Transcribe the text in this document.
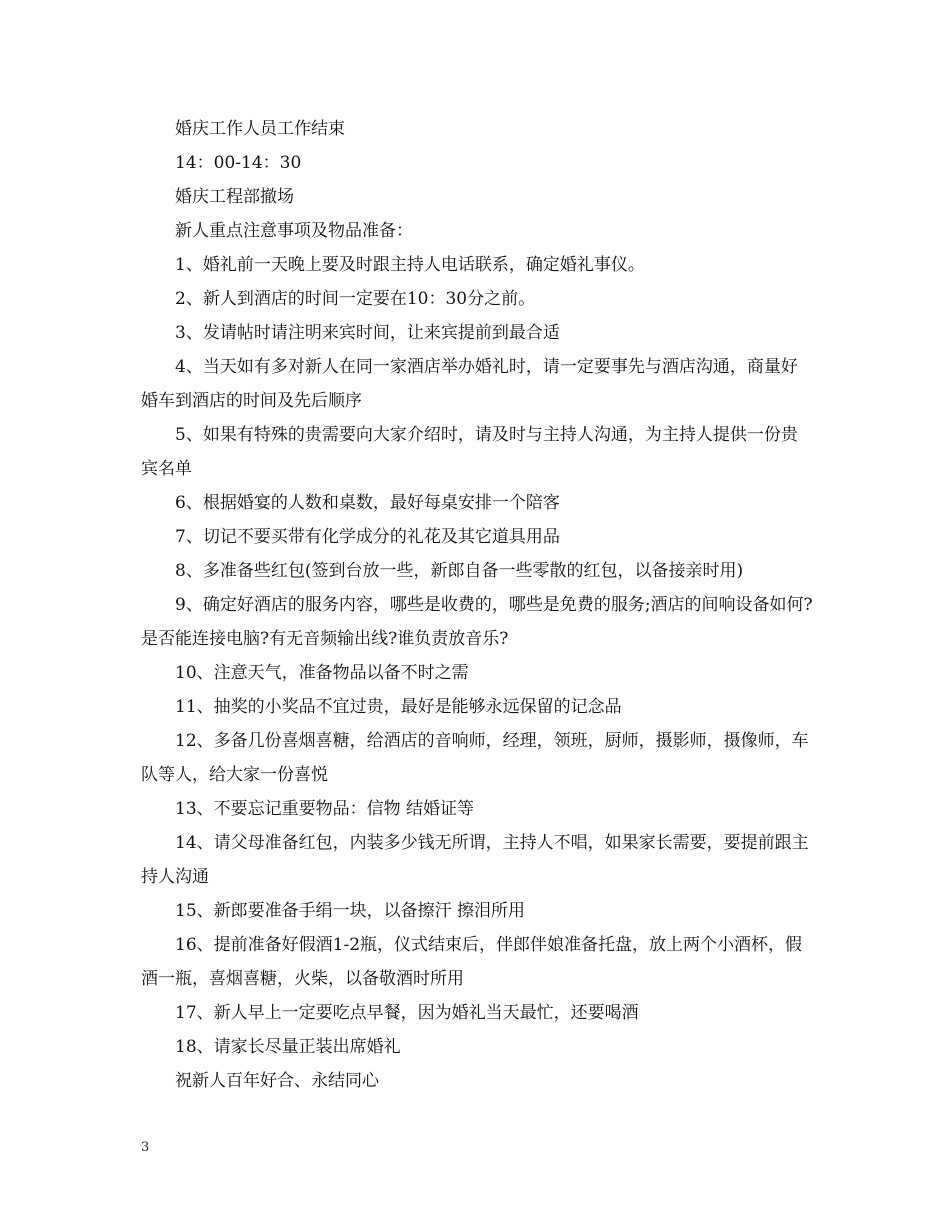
婚庆工作人员工作结束

14：00-14：30

婚庆工程部撤场

新人重点注意事项及物品准备：

1、婚礼前一天晚上要及时跟主持人电话联系，确定婚礼事仪。

2、新人到酒店的时间一定要在10：30分之前。

3、发请帖时请注明来宾时间，让来宾提前到最合适

4、当天如有多对新人在同一家酒店举办婚礼时，请一定要事先与酒店沟通，商量好婚车到酒店的时间及先后顺序

5、如果有特殊的贵需要向大家介绍时，请及时与主持人沟通，为主持人提供一份贵宾名单

6、根据婚宴的人数和桌数，最好每桌安排一个陪客

7、切记不要买带有化学成分的礼花及其它道具用品

8、多准备些红包(签到台放一些，新郎自备一些零散的红包，以备接亲时用)

9、确定好酒店的服务内容，哪些是收费的，哪些是免费的服务;酒店的间响设备如何?是否能连接电脑?有无音频输出线?谁负责放音乐?

10、注意天气，准备物品以备不时之需

11、抽奖的小奖品不宜过贵，最好是能够永远保留的记念品

12、多备几份喜烟喜糖，给酒店的音响师，经理，领班，厨师，摄影师，摄像师，车队等人，给大家一份喜悦

13、不要忘记重要物品：信物 结婚证等

14、请父母准备红包，内装多少钱无所谓，主持人不唱，如果家长需要，要提前跟主持人沟通

15、新郎要准备手绢一块，以备擦汗 擦泪所用

16、提前准备好假酒1-2瓶，仪式结束后，伴郎伴娘准备托盘，放上两个小酒杯，假酒一瓶，喜烟喜糖，火柴，以备敬酒时所用

17、新人早上一定要吃点早餐，因为婚礼当天最忙，还要喝酒

18、请家长尽量正装出席婚礼

祝新人百年好合、永结同心

3
